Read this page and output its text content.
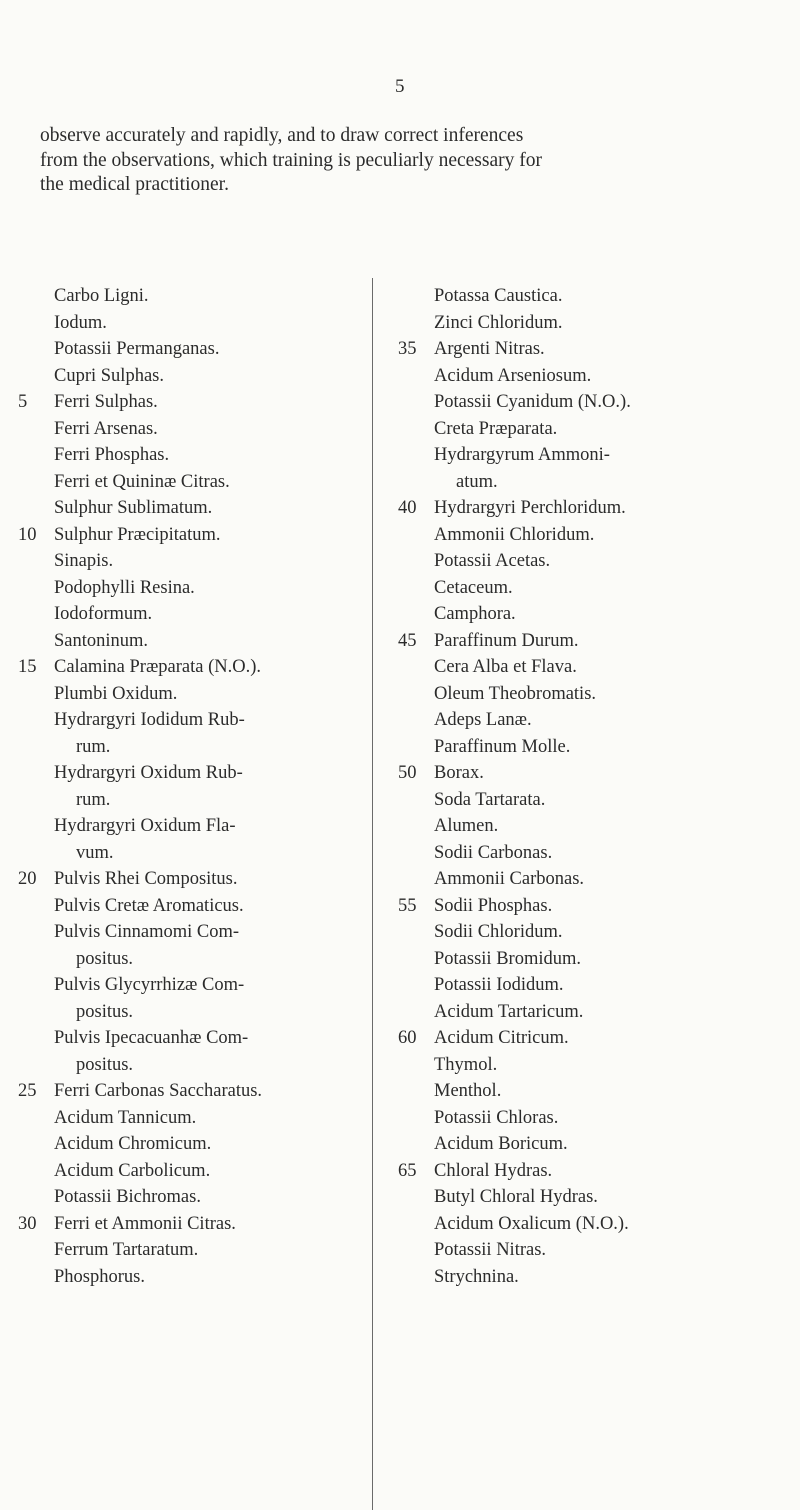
5
observe accurately and rapidly, and to draw correct inferences
from the observations, which training is peculiarly necessary for
the medical practitioner.
Carbo Ligni.
Iodum.
Potassii Permanganas.
Cupri Sulphas.
5	Ferri Sulphas.
Ferri Arsenas.
Ferri Phosphas.
Ferri et Quininæ Citras.
Sulphur Sublimatum.
10 Sulphur Præcipitatum.
Sinapis.
Podophylli Resina.
Iodoformum.
Santoninum.
15 Calamina Præparata (N.O.).
Plumbi Oxidum.
Hydrargyri Iodidum Rub-
rum.
Hydrargyri Oxidum Rub-
rum.
Hydrargyri Oxidum Fla-
vum.
20 Pulvis Rhei Compositus.
Pulvis Cretæ Aromaticus.
Pulvis Cinnamomi Com-
positus.
Pulvis Glycyrrhizæ Com-
positus.
Pulvis Ipecacuanhæ Com-
positus.
25 Ferri Carbonas Saccharatus.
Acidum Tannicum.
Acidum Chromicum.
Acidum Carbolicum.
Potassii Bichromas.
30 Ferri et Ammonii Citras.
Ferrum Tartaratum.
Phosphorus.
Potassa Caustica.
Zinci Chloridum.
35 Argenti Nitras.
Acidum Arseniosum.
Potassii Cyanidum (N.O.).
Creta Præparata.
Hydrargyrum Ammoni-
atum.
40 Hydrargyri Perchloridum.
Ammonii Chloridum.
Potassii Acetas.
Cetaceum.
Camphora.
45 Paraffinum Durum.
Cera Alba et Flava.
Oleum Theobromatis.
Adeps Lanæ.
Paraffinum Molle.
50 Borax.
Soda Tartarata.
Alumen.
Sodii Carbonas.
Ammonii Carbonas.
55 Sodii Phosphas.
Sodii Chloridum.
Potassii Bromidum.
Potassii Iodidum.
Acidum Tartaricum.
60 Acidum Citricum.
Thymol.
Menthol.
Potassii Chloras.
Acidum Boricum.
65 Chloral Hydras.
Butyl Chloral Hydras.
Acidum Oxalicum (N.O.).
Potassii Nitras.
Strychnina.
